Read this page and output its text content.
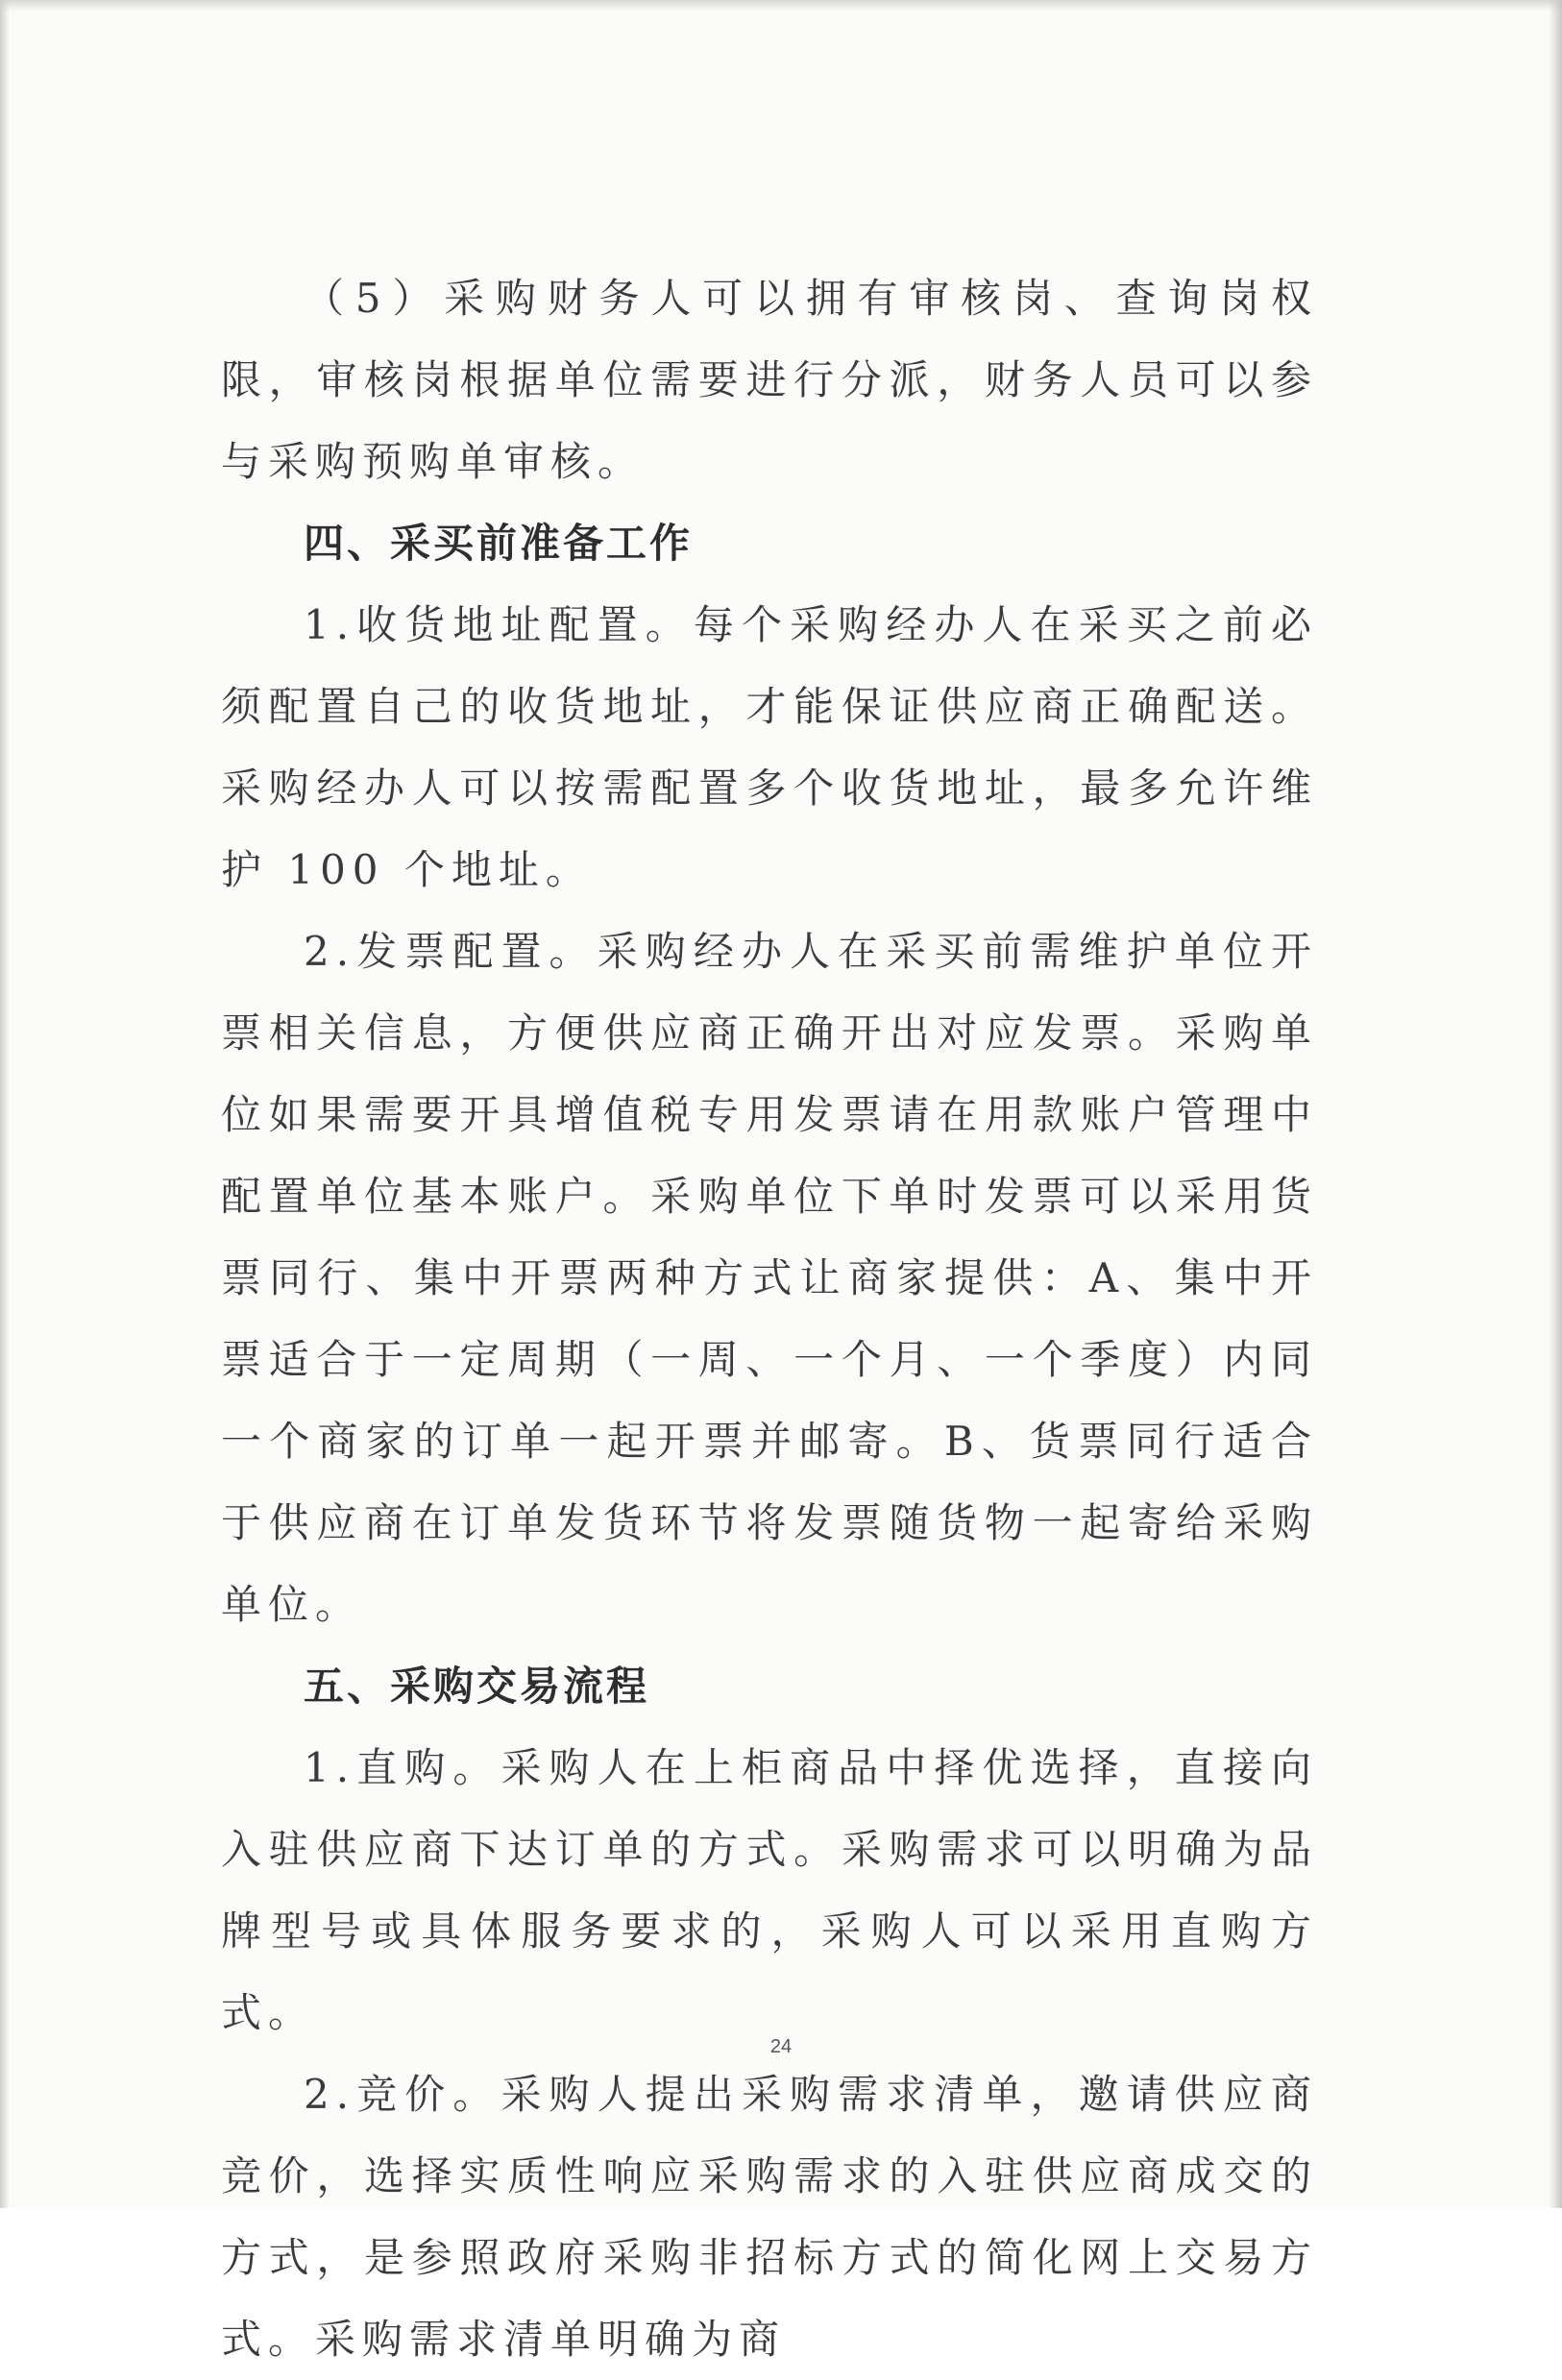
（5）采购财务人可以拥有审核岗、查询岗权限，审核岗根据单位需要进行分派，财务人员可以参与采购预购单审核。

四、采买前准备工作

1.收货地址配置。每个采购经办人在采买之前必须配置自己的收货地址，才能保证供应商正确配送。采购经办人可以按需配置多个收货地址，最多允许维护 100 个地址。

2.发票配置。采购经办人在采买前需维护单位开票相关信息，方便供应商正确开出对应发票。采购单位如果需要开具增值税专用发票请在用款账户管理中配置单位基本账户。采购单位下单时发票可以采用货票同行、集中开票两种方式让商家提供：A、集中开票适合于一定周期（一周、一个月、一个季度）内同一个商家的订单一起开票并邮寄。B、货票同行适合于供应商在订单发货环节将发票随货物一起寄给采购单位。

五、采购交易流程

1.直购。采购人在上柜商品中择优选择，直接向入驻供应商下达订单的方式。采购需求可以明确为品牌型号或具体服务要求的，采购人可以采用直购方式。

2.竞价。采购人提出采购需求清单，邀请供应商竞价，选择实质性响应采购需求的入驻供应商成交的方式，是参照政府采购非招标方式的简化网上交易方式。采购需求清单明确为商

24
